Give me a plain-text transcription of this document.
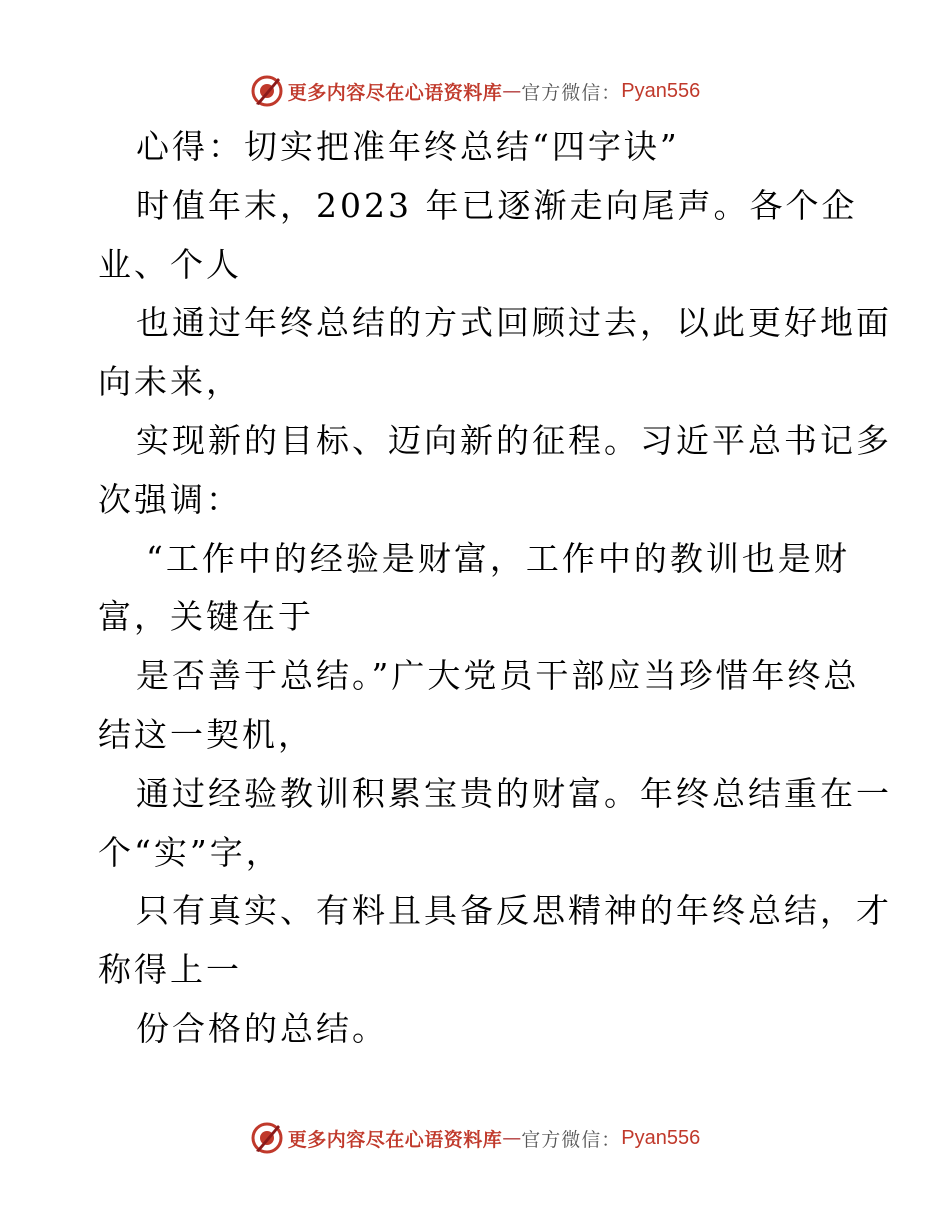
更多内容尽在心语资料库 — 官方微信： Pyan556
心得：切实把准年终总结“四字诀”
时值年末，2023 年已逐渐走向尾声。各个企
业、个人
也通过年终总结的方式回顾过去，以此更好地面
向未来，
实现新的目标、迈向新的征程。习近平总书记多
次强调：
“工作中的经验是财富，工作中的教训也是财
富，关键在于
是否善于总结。”广大党员干部应当珍惜年终总
结这一契机，
通过经验教训积累宝贵的财富。年终总结重在一
个“实”字，
只有真实、有料且具备反思精神的年终总结，才
称得上一
份合格的总结。
更多内容尽在心语资料库 — 官方微信： Pyan556
